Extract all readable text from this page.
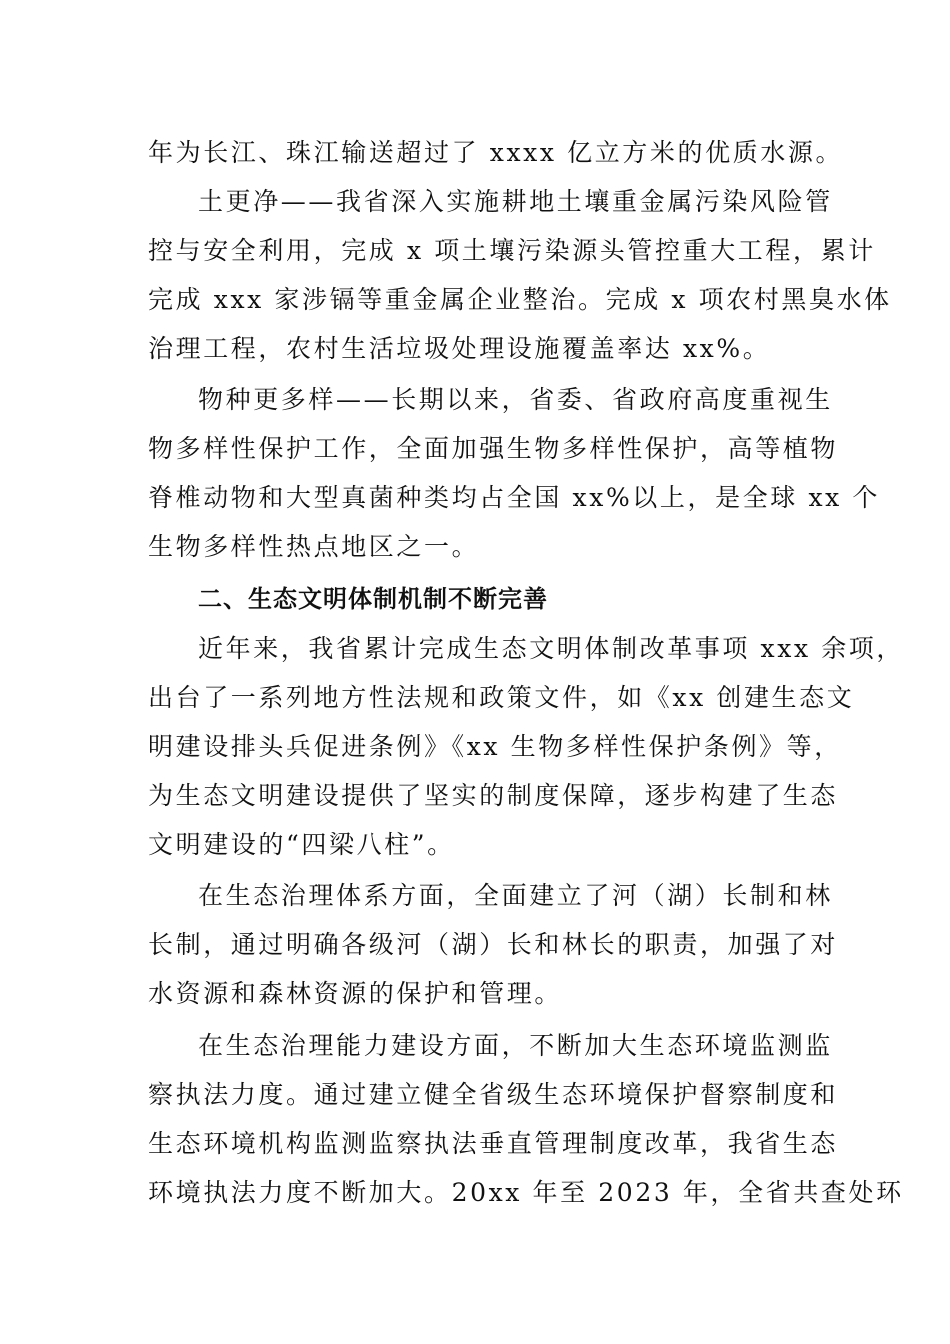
年为长江、珠江输送超过了 xxxx 亿立方米的优质水源。
土更净——我省深入实施耕地土壤重金属污染风险管
控与安全利用，完成 x 项土壤污染源头管控重大工程，累计
完成 xxx 家涉镉等重金属企业整治。完成 x 项农村黑臭水体
治理工程，农村生活垃圾处理设施覆盖率达 xx%。
物种更多样——长期以来，省委、省政府高度重视生
物多样性保护工作，全面加强生物多样性保护，高等植物
脊椎动物和大型真菌种类均占全国 xx%以上，是全球 xx 个
生物多样性热点地区之一。
二、生态文明体制机制不断完善
近年来，我省累计完成生态文明体制改革事项 xxx 余项，
出台了一系列地方性法规和政策文件，如《xx 创建生态文
明建设排头兵促进条例》《xx 生物多样性保护条例》等，
为生态文明建设提供了坚实的制度保障，逐步构建了生态
文明建设的“四梁八柱”。
在生态治理体系方面，全面建立了河（湖）长制和林
长制，通过明确各级河（湖）长和林长的职责，加强了对
水资源和森林资源的保护和管理。
在生态治理能力建设方面，不断加大生态环境监测监
察执法力度。通过建立健全省级生态环境保护督察制度和
生态环境机构监测监察执法垂直管理制度改革，我省生态
环境执法力度不断加大。20xx 年至 2023 年，全省共查处环
